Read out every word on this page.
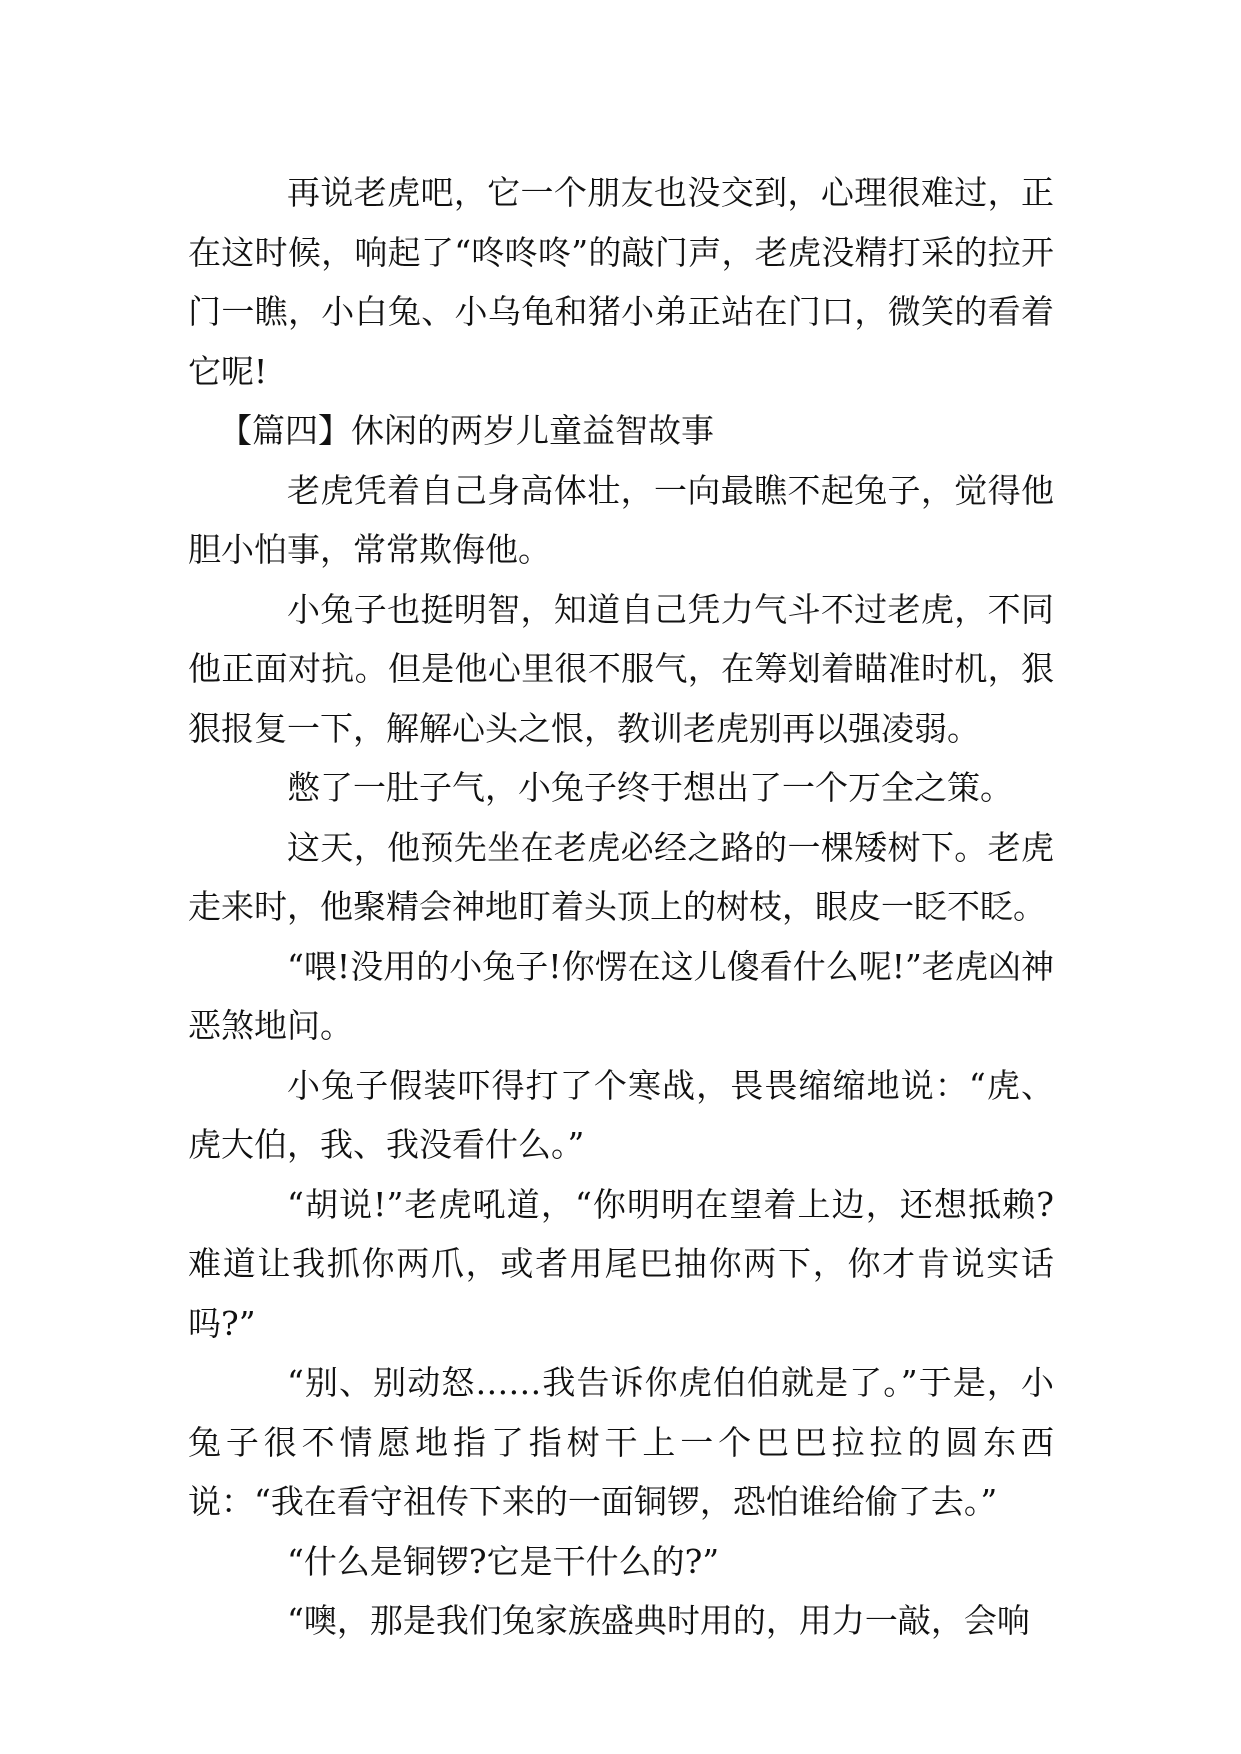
再说老虎吧，它一个朋友也没交到，心理很难过，正在这时候，响起了“咚咚咚”的敲门声，老虎没精打采的拉开门一瞧，小白兔、小乌龟和猪小弟正站在门口，微笑的看着它呢!

【篇四】休闲的两岁儿童益智故事

老虎凭着自己身高体壮，一向最瞧不起兔子，觉得他胆小怕事，常常欺侮他。

小兔子也挺明智，知道自己凭力气斗不过老虎，不同他正面对抗。但是他心里很不服气，在筹划着瞄准时机，狠狠报复一下，解解心头之恨，教训老虎别再以强凌弱。

憋了一肚子气，小兔子终于想出了一个万全之策。

这天，他预先坐在老虎必经之路的一棵矮树下。老虎走来时，他聚精会神地盯着头顶上的树枝，眼皮一眨不眨。

“喂!没用的小兔子!你愣在这儿傻看什么呢!”老虎凶神恶煞地问。

小兔子假装吓得打了个寒战，畏畏缩缩地说：“虎、虎大伯，我、我没看什么。”

“胡说!”老虎吼道，“你明明在望着上边，还想抵赖?难道让我抓你两爪，或者用尾巴抽你两下，你才肯说实话吗?”

“别、别动怒……我告诉你虎伯伯就是了。”于是，小兔子很不情愿地指了指树干上一个巴巴拉拉的圆东西说：“我在看守祖传下来的一面铜锣，恐怕谁给偷了去。”

“什么是铜锣?它是干什么的?”

“噢，那是我们兔家族盛典时用的，用力一敲，会响
